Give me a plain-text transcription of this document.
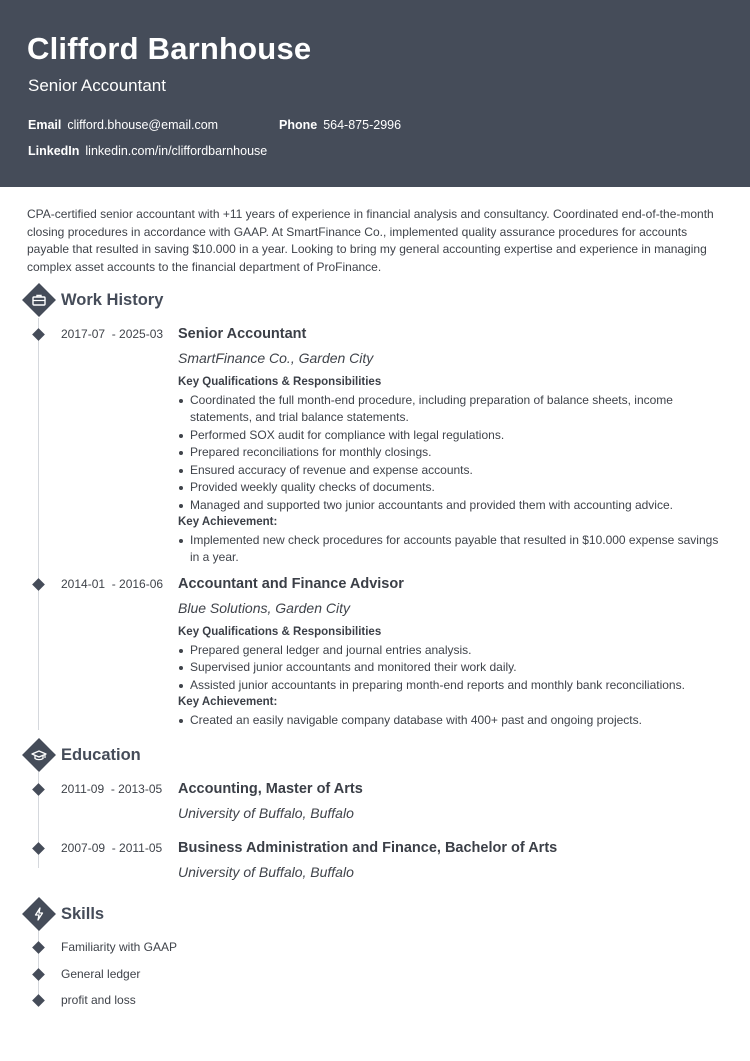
Clifford Barnhouse
Senior Accountant
Email clifford.bhouse@email.com	Phone 564-875-2996
LinkedIn linkedin.com/in/cliffordbarnhouse

CPA-certified senior accountant with +11 years of experience in financial analysis and consultancy. Coordinated end-of-the-month closing procedures in accordance with GAAP. At SmartFinance Co., implemented quality assurance procedures for accounts payable that resulted in saving $10.000 in a year. Looking to bring my general accounting expertise and experience in managing complex asset accounts to the financial department of ProFinance.

Work History
2017-07  - 2025-03 Senior Accountant
SmartFinance Co., Garden City
Key Qualifications & Responsibilities
Coordinated the full month-end procedure, including preparation of balance sheets, income statements, and trial balance statements.
Performed SOX audit for compliance with legal regulations.
Prepared reconciliations for monthly closings.
Ensured accuracy of revenue and expense accounts.
Provided weekly quality checks of documents.
Managed and supported two junior accountants and provided them with accounting advice.
Key Achievement:
Implemented new check procedures for accounts payable that resulted in $10.000 expense savings in a year.
2014-01  - 2016-06 Accountant and Finance Advisor
Blue Solutions, Garden City
Key Qualifications & Responsibilities
Prepared general ledger and journal entries analysis.
Supervised junior accountants and monitored their work daily.
Assisted junior accountants in preparing month-end reports and monthly bank reconciliations.
Key Achievement:
Created an easily navigable company database with 400+ past and ongoing projects.
Education
2011-09  - 2013-05 Accounting, Master of Arts
University of Buffalo, Buffalo
2007-09  - 2011-05 Business Administration and Finance, Bachelor of Arts
University of Buffalo, Buffalo
Skills
Familiarity with GAAP
General ledger
profit and loss
